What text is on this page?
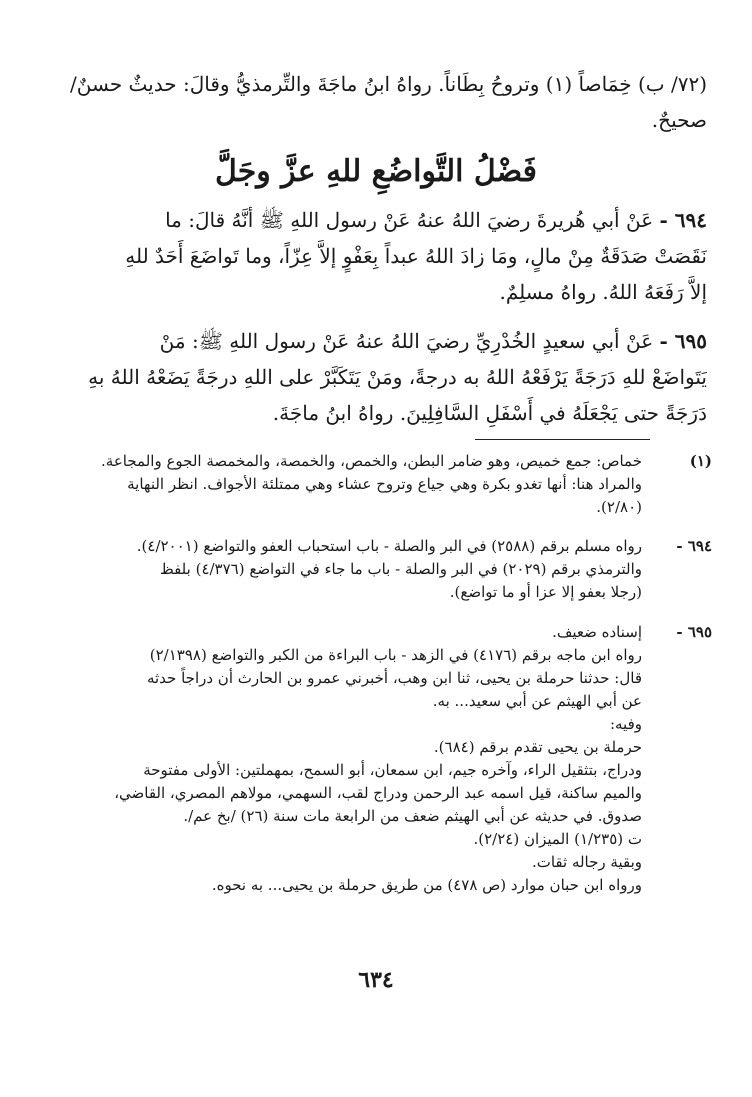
(٧٢/ ب) خِمَاصاً (١) وتروحُ بِطَاناً. رواهُ ابنُ ماجَةَ والتِّرمذيُّ وقالَ: حديثٌ حسنٌ/
صحيحٌ.
فَضْلُ التَّواضُعِ للهِ عزَّ وجَلَّ
٦٩٤ - عَنْ أبي هُريرةَ رضيَ اللهُ عنهُ عَنْ رسول اللهِ ﷺ أنَّهُ قالَ: ما
نَقَصَتْ صَدَقَةٌ مِنْ مالٍ، ومَا زادَ اللهُ عبداً بِعَفْوٍ إلاَّ عِزّاً، وما تَواضَعَ أَحَدٌ للهِ
إلاَّ رَفَعَهُ اللهُ. رواهُ مسلِمٌ.
٦٩٥ - عَنْ أبي سعيدٍ الخُدْرِيِّ رضيَ اللهُ عنهُ عَنْ رسول اللهِ ﷺ: مَنْ
يَتَواضَعْ للهِ دَرَجَةً يَرْفَعْهُ اللهُ به درجةً، ومَنْ يَتَكَبَّرْ على اللهِ درجَةً يَضَعْهُ اللهُ بهِ
دَرَجَةً حتى يَجْعَلَهُ في أَسْفَلِ السَّافِلِينَ. رواهُ ابنُ ماجَةَ.
(١)
خماص: جمع خميص، وهو ضامر البطن، والخمص، والخمصة، والمخمصة الجوع والمجاعة.
والمراد هنا: أنها تغدو بكرة وهي جياع وتروح عشاء وهي ممتلئة الأجواف. انظر النهاية
(٢/٨٠).
٦٩٤ -
رواه مسلم برقم (٢٥٨٨) في البر والصلة - باب استحباب العفو والتواضع (٤/٢٠٠١).
والترمذي برقم (٢٠٢٩) في البر والصلة - باب ما جاء في التواضع (٤/٣٧٦) بلفظ
(رجلا بعفو إلا عزا أو ما تواضع).
٦٩٥ -
إسناده ضعيف.
رواه ابن ماجه برقم (٤١٧٦) في الزهد - باب البراءة من الكبر والتواضع (٢/١٣٩٨)
قال: حدثنا حرملة بن يحيى، ثنا ابن وهب، أخبرني عمرو بن الحارث أن دراجاً حدثه
عن أبي الهيثم عن أبي سعيد... به.
وفيه:
حرملة بن يحيى تقدم برقم (٦٨٤).
ودراج، بتثقيل الراء، وآخره جيم، ابن سمعان، أبو السمح، بمهملتين: الأولى مفتوحة
والميم ساكنة، قيل اسمه عبد الرحمن ودراج لقب، السهمي، مولاهم المصري، القاضي،
صدوق. في حديثه عن أبي الهيثم ضعف من الرابعة مات سنة (٢٦) /بخ عم/.
ت (١/٢٣٥) الميزان (٢/٢٤).
وبقية رجاله ثقات.
ورواه ابن حبان موارد (ص ٤٧٨) من طريق حرملة بن يحيى... به نحوه.
٦٣٤
